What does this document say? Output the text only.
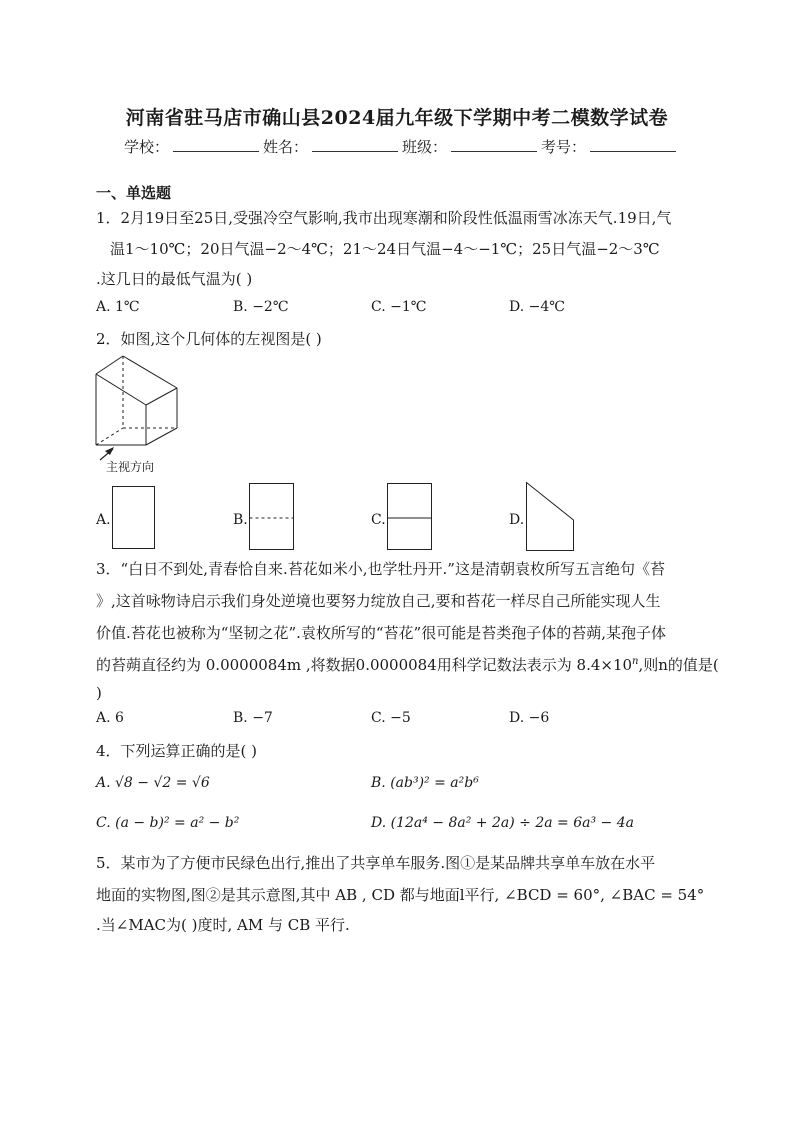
河南省驻马店市确山县2024届九年级下学期中考二模数学试卷
学校：	姓名：	班级：	考号：
一、单选题
1．2月19日至25日,受强冷空气影响,我市出现寒潮和阶段性低温雨雪冰冻天气.19日,气
温1～10℃；20日气温−2～4℃；21～24日气温−4～−1℃；25日气温−2～3℃
.这几日的最低气温为( )
A. 1℃	B. −2℃	C. −1℃	D. −4℃
2．如图,这个几何体的左视图是( )
主视方向
A.	B.	C.	D.
3．“白日不到处,青春恰自来.苔花如米小,也学牡丹开.”这是清朝袁枚所写五言绝句《苔
》,这首咏物诗启示我们身处逆境也要努力绽放自己,要和苔花一样尽自己所能实现人生
价值.苔花也被称为“坚韧之花”.袁枚所写的“苔花”很可能是苔类孢子体的苔蒴,某孢子体
的苔蒴直径约为 0.0000084m ,将数据0.0000084用科学记数法表示为 $8.4\times 10^n$,则n的值是(
)
A. 6	B. −7	C. −5	D. −6
4．下列运算正确的是( )
A. √8 − √2 = √6	B. (ab³)² = a²b⁶
C. (a − b)² = a² − b²	D. (12a⁴ − 8a² + 2a) ÷ 2a = 6a³ − 4a
5．某市为了方便市民绿色出行,推出了共享单车服务.图①是某品牌共享单车放在水平
地面的实物图,图②是其示意图,其中 AB , CD 都与地面l平行, ∠BCD = 60°, ∠BAC = 54°
.当∠MAC为( )度时, AM 与 CB 平行.
